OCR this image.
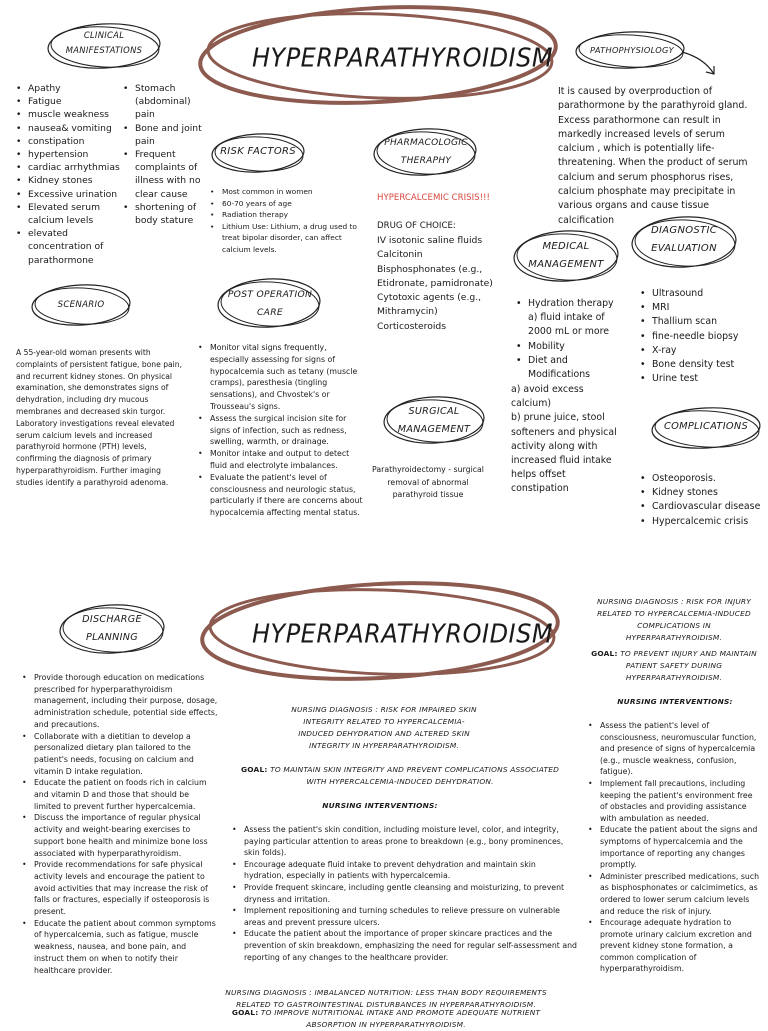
HYPERPARATHYROIDISM
CLINICAL
MANIFESTATIONS
• Apathy
• Fatigue
• muscle weakness
• nausea& vomiting
• constipation
• hypertension
• cardiac arrhythmias
• Kidney stones
• Excessive urination
• Elevated serum calcium levels
• elevated concentration of parathormone
• Stomach (abdominal) pain
• Bone and joint pain
• Frequent complaints of illness with no clear cause
• shortening of body stature
PATHOPHYSIOLOGY
It is caused by overproduction of parathormone by the parathyroid gland. Excess parathormone can result in markedly increased levels of serum calcium , which is potentially life-threatening. When the product of serum calcium and serum phosphorus rises, calcium phosphate may precipitate in various organs and cause tissue calcification
RISK FACTORS
• Most common in women
• 60-70 years of age
• Radiation therapy
• Lithium Use: Lithium, a drug used to treat bipolar disorder, can affect calcium levels.
PHARMACOLOGIC
THERAPHY
HYPERCALCEMIC CRISIS!!!
DRUG OF CHOICE:
IV isotonic saline fluids
Calcitonin
Bisphosphonates (e.g., Etidronate, pamidronate)
Cytotoxic agents (e.g., Mithramycin)
Corticosteroids
MEDICAL
MANAGEMENT
• Hydration therapy a) fluid intake of 2000 mL or more
• Mobility
• Diet and Modifications
a) avoid excess calcium)
b) prune juice, stool softeners and physical activity along with increased fluid intake helps offset constipation
DIAGNOSTIC
EVALUATION
• Ultrasound
• MRI
• Thallium scan
• fine-needle biopsy
• X-ray
• Bone density test
• Urine test
SCENARIO
A 55-year-old woman presents with complaints of persistent fatigue, bone pain, and recurrent kidney stones. On physical examination, she demonstrates signs of dehydration, including dry mucous membranes and decreased skin turgor. Laboratory investigations reveal elevated serum calcium levels and increased parathyroid hormone (PTH) levels, confirming the diagnosis of primary hyperparathyroidism. Further imaging studies identify a parathyroid adenoma.
POST OPERATION
CARE
• Monitor vital signs frequently, especially assessing for signs of hypocalcemia such as tetany (muscle cramps), paresthesia (tingling sensations), and Chvostek's or Trousseau's signs.
• Assess the surgical incision site for signs of infection, such as redness, swelling, warmth, or drainage.
• Monitor intake and output to detect fluid and electrolyte imbalances.
• Evaluate the patient's level of consciousness and neurologic status, particularly if there are concerns about hypocalcemia affecting mental status.
SURGICAL
MANAGEMENT
Parathyroidectomy - surgical removal of abnormal parathyroid tissue
COMPLICATIONS
• Osteoporosis.
• Kidney stones
• Cardiovascular disease
• Hypercalcemic crisis
HYPERPARATHYROIDISM
DISCHARGE
PLANNING
• Provide thorough education on medications prescribed for hyperparathyroidism management, including their purpose, dosage, administration schedule, potential side effects, and precautions.
• Collaborate with a dietitian to develop a personalized dietary plan tailored to the patient's needs, focusing on calcium and vitamin D intake regulation.
• Educate the patient on foods rich in calcium and vitamin D and those that should be limited to prevent further hypercalcemia.
• Discuss the importance of regular physical activity and weight-bearing exercises to support bone health and minimize bone loss associated with hyperparathyroidism.
• Provide recommendations for safe physical activity levels and encourage the patient to avoid activities that may increase the risk of falls or fractures, especially if osteoporosis is present.
• Educate the patient about common symptoms of hypercalcemia, such as fatigue, muscle weakness, nausea, and bone pain, and instruct them on when to notify their healthcare provider.
NURSING DIAGNOSIS : RISK FOR IMPAIRED SKIN INTEGRITY RELATED TO HYPERCALCEMIA-INDUCED DEHYDRATION AND ALTERED SKIN INTEGRITY IN HYPERPARATHYROIDISM.
GOAL: TO MAINTAIN SKIN INTEGRITY AND PREVENT COMPLICATIONS ASSOCIATED WITH HYPERCALCEMIA-INDUCED DEHYDRATION.
NURSING INTERVENTIONS:
• Assess the patient's skin condition, including moisture level, color, and integrity, paying particular attention to areas prone to breakdown (e.g., bony prominences, skin folds).
• Encourage adequate fluid intake to prevent dehydration and maintain skin hydration, especially in patients with hypercalcemia.
• Provide frequent skincare, including gentle cleansing and moisturizing, to prevent dryness and irritation.
• Implement repositioning and turning schedules to relieve pressure on vulnerable areas and prevent pressure ulcers.
• Educate the patient about the importance of proper skincare practices and the prevention of skin breakdown, emphasizing the need for regular self-assessment and reporting of any changes to the healthcare provider.
NURSING DIAGNOSIS : IMBALANCED NUTRITION: LESS THAN BODY REQUIREMENTS RELATED TO GASTROINTESTINAL DISTURBANCES IN HYPERPARATHYROIDISM.
GOAL: TO IMPROVE NUTRITIONAL INTAKE AND PROMOTE ADEQUATE NUTRIENT ABSORPTION IN HYPERPARATHYROIDISM.
NURSING DIAGNOSIS : RISK FOR INJURY RELATED TO HYPERCALCEMIA-INDUCED COMPLICATIONS IN HYPERPARATHYROIDISM.
GOAL: TO PREVENT INJURY AND MAINTAIN PATIENT SAFETY DURING HYPERPARATHYROIDISM.
NURSING INTERVENTIONS:
• Assess the patient's level of consciousness, neuromuscular function, and presence of signs of hypercalcemia (e.g., muscle weakness, confusion, fatigue).
• Implement fall precautions, including keeping the patient's environment free of obstacles and providing assistance with ambulation as needed.
• Educate the patient about the signs and symptoms of hypercalcemia and the importance of reporting any changes promptly.
• Administer prescribed medications, such as bisphosphonates or calcimimetics, as ordered to lower serum calcium levels and reduce the risk of injury.
• Encourage adequate hydration to promote urinary calcium excretion and prevent kidney stone formation, a common complication of hyperparathyroidism.
